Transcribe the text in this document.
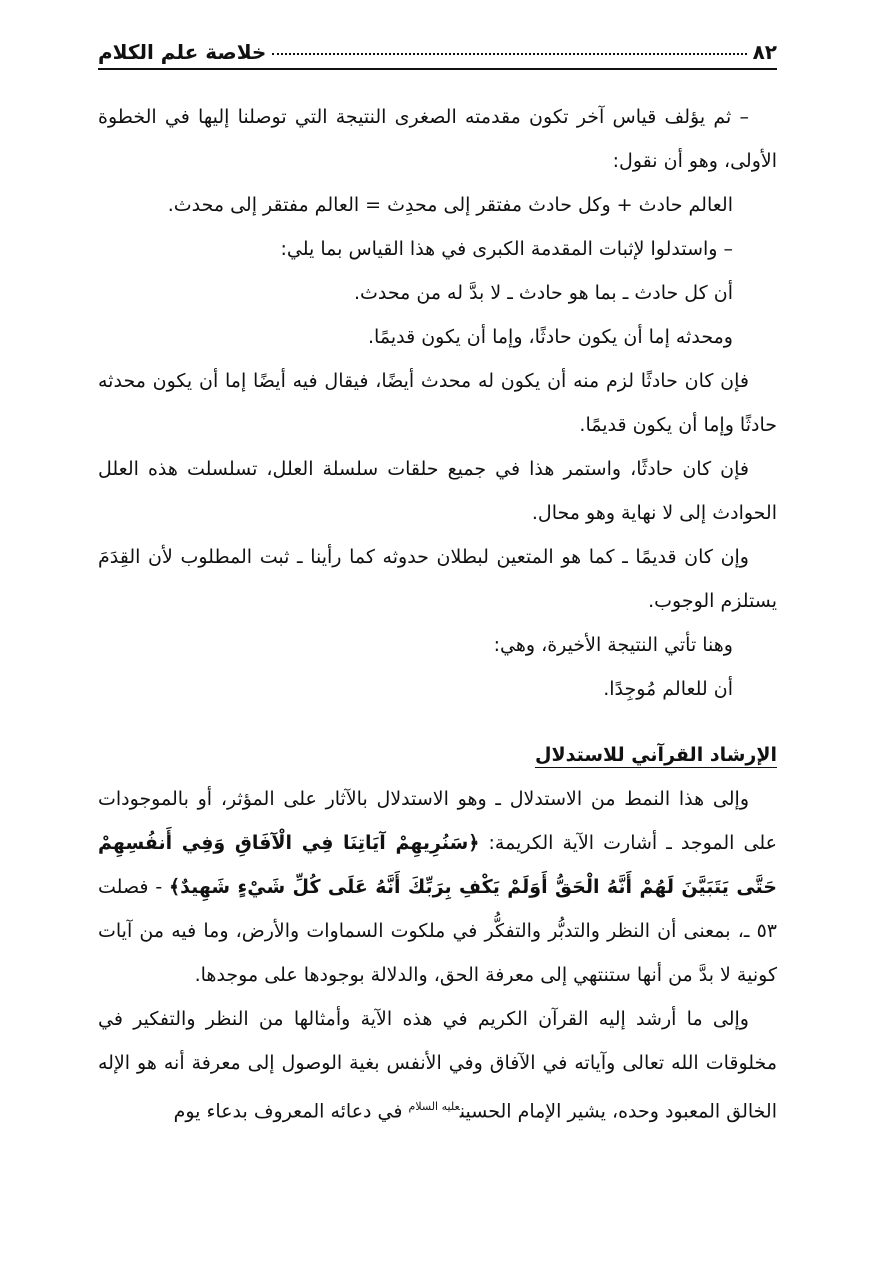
٨٢
خلاصة علم الكلام

– ثم يؤلف قياس آخر تكون مقدمته الصغرى النتيجة التي توصلنا إليها في الخطوة الأولى، وهو أن نقول:

العالم حادث + وكل حادث مفتقر إلى محدِث = العالم مفتقر إلى محدث.

– واستدلوا لإثبات المقدمة الكبرى في هذا القياس بما يلي:

أن كل حادث ـ بما هو حادث ـ لا بدَّ له من محدث.

ومحدثه إما أن يكون حادثًا، وإما أن يكون قديمًا.

فإن كان حادثًا لزم منه أن يكون له محدث أيضًا، فيقال فيه أيضًا إما أن يكون محدثه حادثًا وإما أن يكون قديمًا.

فإن كان حادثًا، واستمر هذا في جميع حلقات سلسلة العلل، تسلسلت هذه العلل الحوادث إلى لا نهاية وهو محال.

وإن كان قديمًا ـ كما هو المتعين لبطلان حدوثه كما رأينا ـ ثبت المطلوب لأن القِدَمَ يستلزم الوجوب.

وهنا تأتي النتيجة الأخيرة، وهي:

أن للعالم مُوجِدًا.

الإرشاد القرآني للاستدلال

وإلى هذا النمط من الاستدلال ـ وهو الاستدلال بالآثار على المؤثر، أو بالموجودات على الموجد ـ أشارت الآية الكريمة: ﴿سَنُرِيهِمْ آيَاتِنَا فِي الْآفَاقِ وَفِي أَنفُسِهِمْ حَتَّى يَتَبَيَّنَ لَهُمْ أَنَّهُ الْحَقُّ أَوَلَمْ يَكْفِ بِرَبِّكَ أَنَّهُ عَلَى كُلِّ شَيْءٍ شَهِيدٌ﴾ - فصلت ٥٣ ـ، بمعنى أن النظر والتدبُّر والتفكُّر في ملكوت السماوات والأرض، وما فيه من آيات كونية لا بدَّ من أنها ستنتهي إلى معرفة الحق، والدلالة بوجودها على موجدها.

وإلى ما أرشد إليه القرآن الكريم في هذه الآية وأمثالها من النظر والتفكير في مخلوقات الله تعالى وآياته في الآفاق وفي الأنفس بغية الوصول إلى معرفة أنه هو الإله الخالق المعبود وحده، يشير الإمام الحسين$^{عليه السلام}$ في دعائه المعروف بدعاء يوم
